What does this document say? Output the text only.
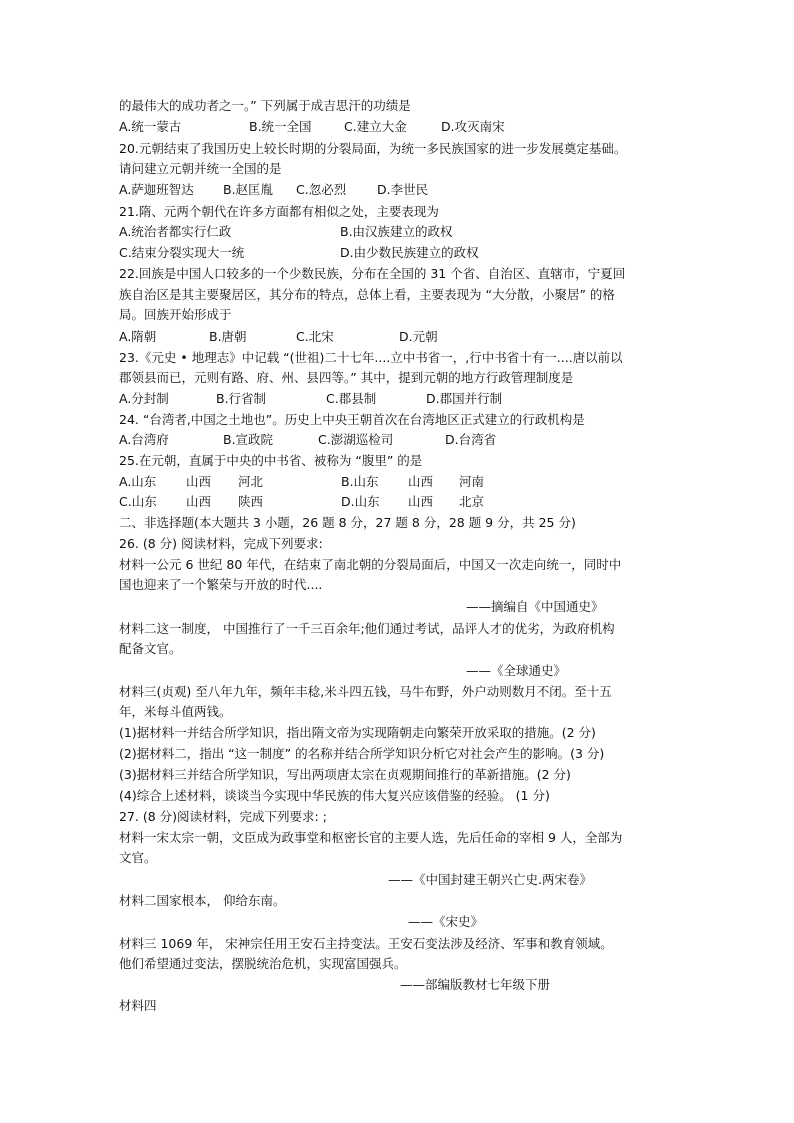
的最伟大的成功者之一。” 下列属于成吉思汗的功绩是
A.统一蒙古	B.统一全国	C.建立大金	D.攻灭南宋
20.元朝结束了我国历史上较长时期的分裂局面，为统一多民族国家的进一步发展奠定基础。
请问建立元朝并统一全国的是
A.萨迦班智达 B.赵匡胤 C.忽必烈 D.李世民
21.隋、元两个朝代在许多方面都有相似之处，主要表现为
A.统治者都实行仁政	B.由汉族建立的政权
C.结束分裂实现大一统	D.由少数民族建立的政权
22.回族是中国人口较多的一个少数民族，分布在全国的 31 个省、自治区、直辖市，宁夏回
族自治区是其主要聚居区，其分布的特点，总体上看，主要表现为 “大分散，小聚居” 的格
局。回族开始形成于
A.隋朝	B.唐朝	C.北宋	D.元朝
23.《元史 • 地理志》中记载 “(世祖)二十七年....立中书省一，,行中书省十有一....唐以前以
郡领县而已，元则有路、府、州、县四等。” 其中，提到元朝的地方行政管理制度是
A.分封制	B.行省制	C.郡县制	D.郡国并行制
24. “台湾者,中国之土地也”。历史上中央王朝首次在台湾地区正式建立的行政机构是
A.台湾府	B.宣政院	C.澎湖巡检司	D.台湾省
25.在元朝，直属于中央的中书省、被称为 “腹里” 的是
A.山东 山西 河北	B.山东 山西 河南
C.山东 山西 陕西	D.山东 山西 北京
二、非选择题(本大题共 3 小题，26 题 8 分，27 题 8 分，28 题 9 分，共 25 分)
26. (8 分) 阅读材料，完成下列要求:
材料一公元 6 世纪 80 年代，在结束了南北朝的分裂局面后，中国又一次走向统一，同时中
国也迎来了一个繁荣与开放的时代....
——摘编自《中国通史》
材料二这一制度， 中国推行了一千三百余年;他们通过考试，品评人才的优劣，为政府机构
配备文官。
——《全球通史》
材料三(贞观) 至八年九年，频年丰稔,米斗四五钱，马牛布野，外户动则数月不闭。至十五
年，米每斗值两钱。
(1)据材料一并结合所学知识，指出隋文帝为实现隋朝走向繁荣开放采取的措施。(2 分)
(2)据材料二，指出 “这一制度” 的名称并结合所学知识分析它对社会产生的影响。(3 分)
(3)据材料三并结合所学知识，写出两项唐太宗在贞观期间推行的革新措施。(2 分)
(4)综合上述材料，谈谈当今实现中华民族的伟大复兴应该借鉴的经验。 (1 分)
27. (8 分)阅读材料，完成下列要求: ;
材料一宋太宗一朝，文臣成为政事堂和枢密长官的主要人选，先后任命的宰相 9 人，全部为
文官。
——《中国封建王朝兴亡史.两宋卷》
材料二国家根本， 仰给东南。
——《宋史》
材料三 1069 年， 宋神宗任用王安石主持变法。王安石变法涉及经济、军事和教育领域。
他们希望通过变法，摆脱统治危机，实现富国强兵。
——部编版教材七年级下册
材料四
